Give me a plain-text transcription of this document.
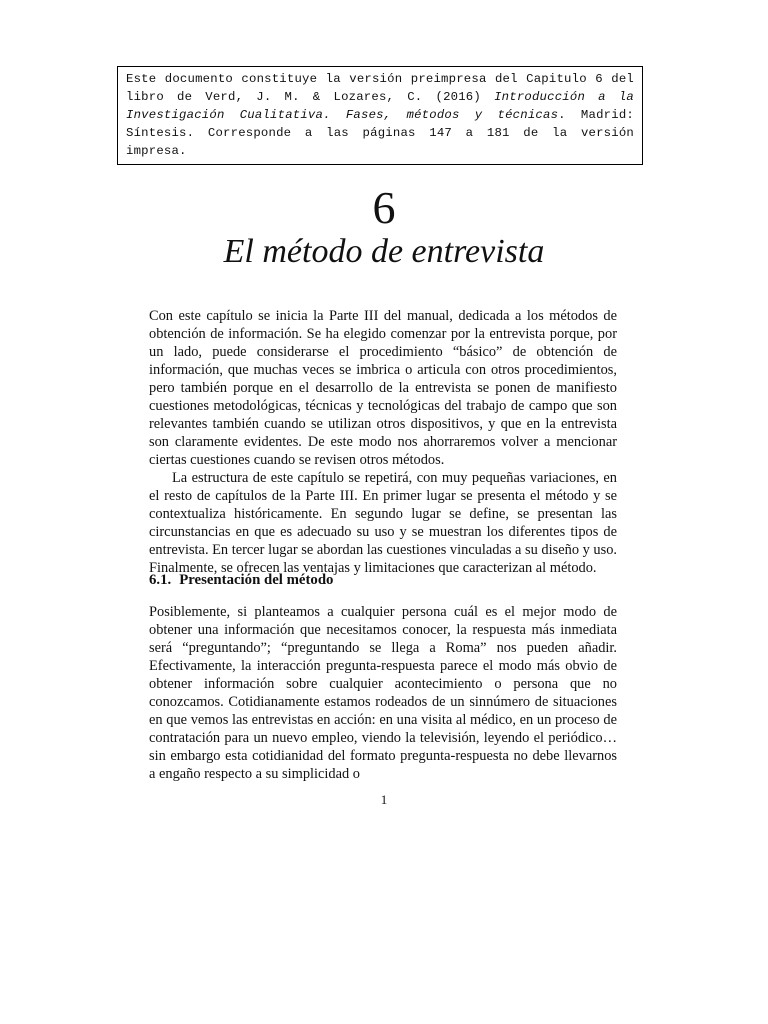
Este documento constituye la versión preimpresa del Capitulo 6 del libro de Verd, J. M. & Lozares, C. (2016) Introducción a la Investigación Cualitativa. Fases, métodos y técnicas. Madrid: Síntesis. Corresponde a las páginas 147 a 181 de la versión impresa.
6
El método de entrevista

Con este capítulo se inicia la Parte III del manual, dedicada a los métodos de obtención de información. Se ha elegido comenzar por la entrevista porque, por un lado, puede considerarse el procedimiento “básico” de obtención de información, que muchas veces se imbrica o articula con otros procedimientos, pero también porque en el desarrollo de la entrevista se ponen de manifiesto cuestiones metodológicas, técnicas y tecnológicas del trabajo de campo que son relevantes también cuando se utilizan otros dispositivos, y que en la entrevista son claramente evidentes. De este modo nos ahorraremos volver a mencionar ciertas cuestiones cuando se revisen otros métodos.

La estructura de este capítulo se repetirá, con muy pequeñas variaciones, en el resto de capítulos de la Parte III. En primer lugar se presenta el método y se contextualiza históricamente. En segundo lugar se define, se presentan las circunstancias en que es adecuado su uso y se muestran los diferentes tipos de entrevista. En tercer lugar se abordan las cuestiones vinculadas a su diseño y uso. Finalmente, se ofrecen las ventajas y limitaciones que caracterizan al método.

6.1. Presentación del método

Posiblemente, si planteamos a cualquier persona cuál es el mejor modo de obtener una información que necesitamos conocer, la respuesta más inmediata será “preguntando”; “preguntando se llega a Roma” nos pueden añadir. Efectivamente, la interacción pregunta-respuesta parece el modo más obvio de obtener información sobre cualquier acontecimiento o persona que no conozcamos. Cotidianamente estamos rodeados de un sinnúmero de situaciones en que vemos las entrevistas en acción: en una visita al médico, en un proceso de contratación para un nuevo empleo, viendo la televisión, leyendo el periódico… sin embargo esta cotidianidad del formato pregunta-respuesta no debe llevarnos a engaño respecto a su simplicidad o

1
